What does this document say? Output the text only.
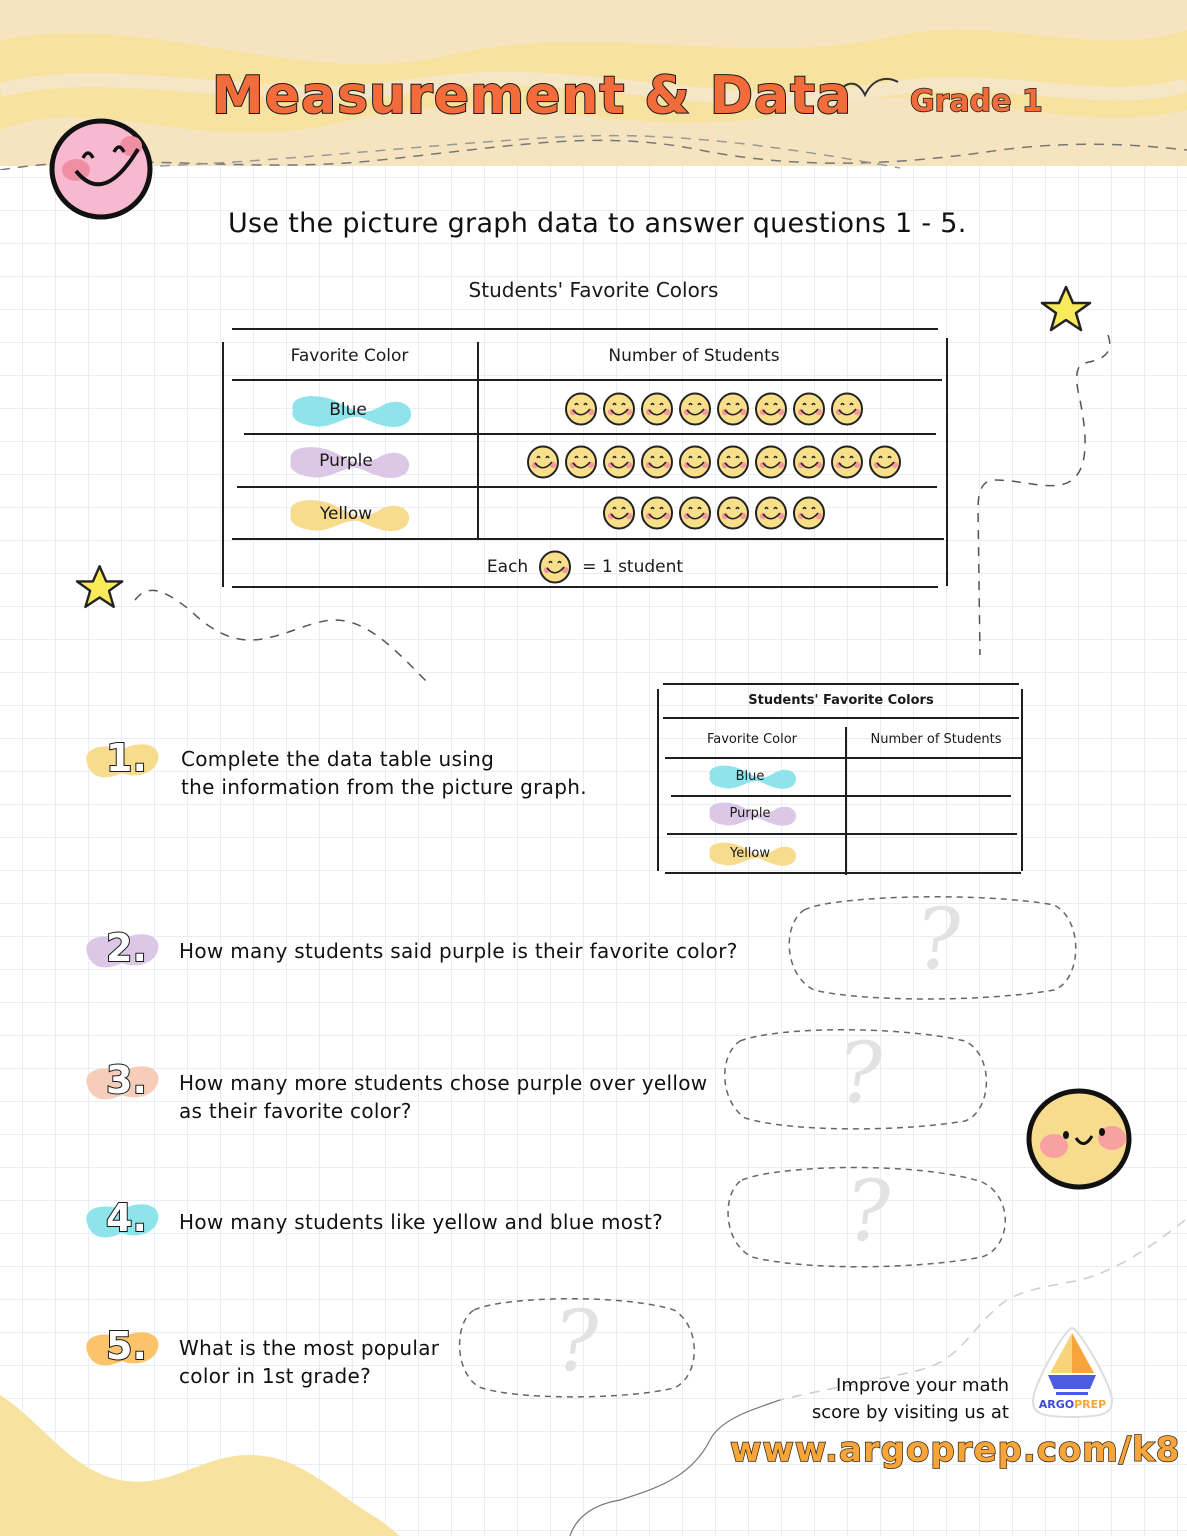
Measurement & Data Grade 1
Use the picture graph data to answer questions 1 - 5.
Students' Favorite Colors
Favorite Color	Number of Students
Blue
Purple
Yellow
Each	= 1 student
Students' Favorite Colors
Favorite Color	Number of Students
Blue
Purple
Yellow
1. Complete the data table using
the information from the picture graph.
2. How many students said purple is their favorite color? ?
3. How many more students chose purple over yellow
as their favorite color?	?
4. How many students like yellow and blue most? ?
5. What is the most popular
color in 1st grade?	?	Improve your math
score by visiting us at	ARGOPREP
www.argoprep.com/k8
